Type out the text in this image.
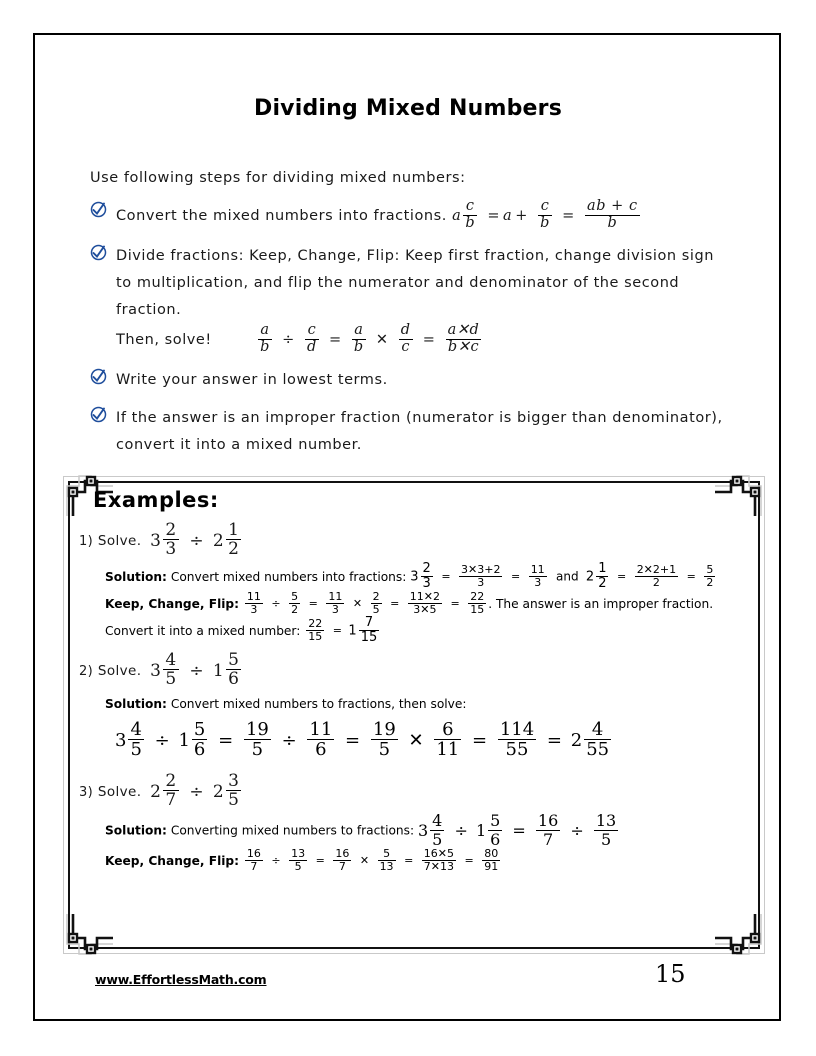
Dividing Mixed Numbers

Use following steps for dividing mixed numbers:

Convert the mixed numbers into fractions. a $\frac{c}{b} = a + \frac{c}{b} = \frac{ab + c}{b}$
Divide fractions: Keep, Change, Flip: Keep first fraction, change division sign to multiplication, and flip the numerator and denominator of the second fraction.
Then, solve!	$\frac{a}{b} \div \frac{c}{d} = \frac{a}{b}$ ✕ $\frac{d}{c} = \frac{a✕d}{b✕c}$
Write your answer in lowest terms.
If the answer is an improper fraction (numerator is bigger than denominator), convert it into a mixed number.
Examples:
1) Solve. $3 \frac{2}{3} \div 2 \frac{1}{2}$
Solution: Convert mixed numbers into fractions: $3 \frac{2}{3} = \frac{3✕3+2}{3} = \frac{11}{3}$ and  $2 \frac{1}{2} = \frac{2✕2+1}{2} = \frac{5}{2}$

Keep, Change, Flip: $\frac{11}{3} \div \frac{5}{2} = \frac{11}{3}$ ✕ $\frac{2}{5} = \frac{11✕2}{3✕5} = \frac{22}{15}$ . The answer is an improper fraction. Convert it into a mixed number: $\frac{22}{15} = 1 \frac{7}{15}$
2) Solve. $3 \frac{4}{5} \div 1 \frac{5}{6}$
Solution: Convert mixed numbers to fractions, then solve: $3 \frac{4}{5} \div 1 \frac{5}{6} = \frac{19}{5} \div \frac{11}{6} = \frac{19}{5}$ ✕ $\frac{6}{11} = \frac{114}{55} = 2 \frac{4}{55}$
3) Solve. $2 \frac{2}{7} \div 2 \frac{3}{5}$
Solution: Converting mixed numbers to fractions: $3 \frac{4}{5} \div 1 \frac{5}{6} = \frac{16}{7} \div \frac{13}{5}$

Keep, Change, Flip: $\frac{16}{7} \div \frac{13}{5} = \frac{16}{7}$ ✕ $\frac{5}{13} = \frac{16✕5}{7✕13} = \frac{80}{91}$
www.EffortlessMath.com	15
